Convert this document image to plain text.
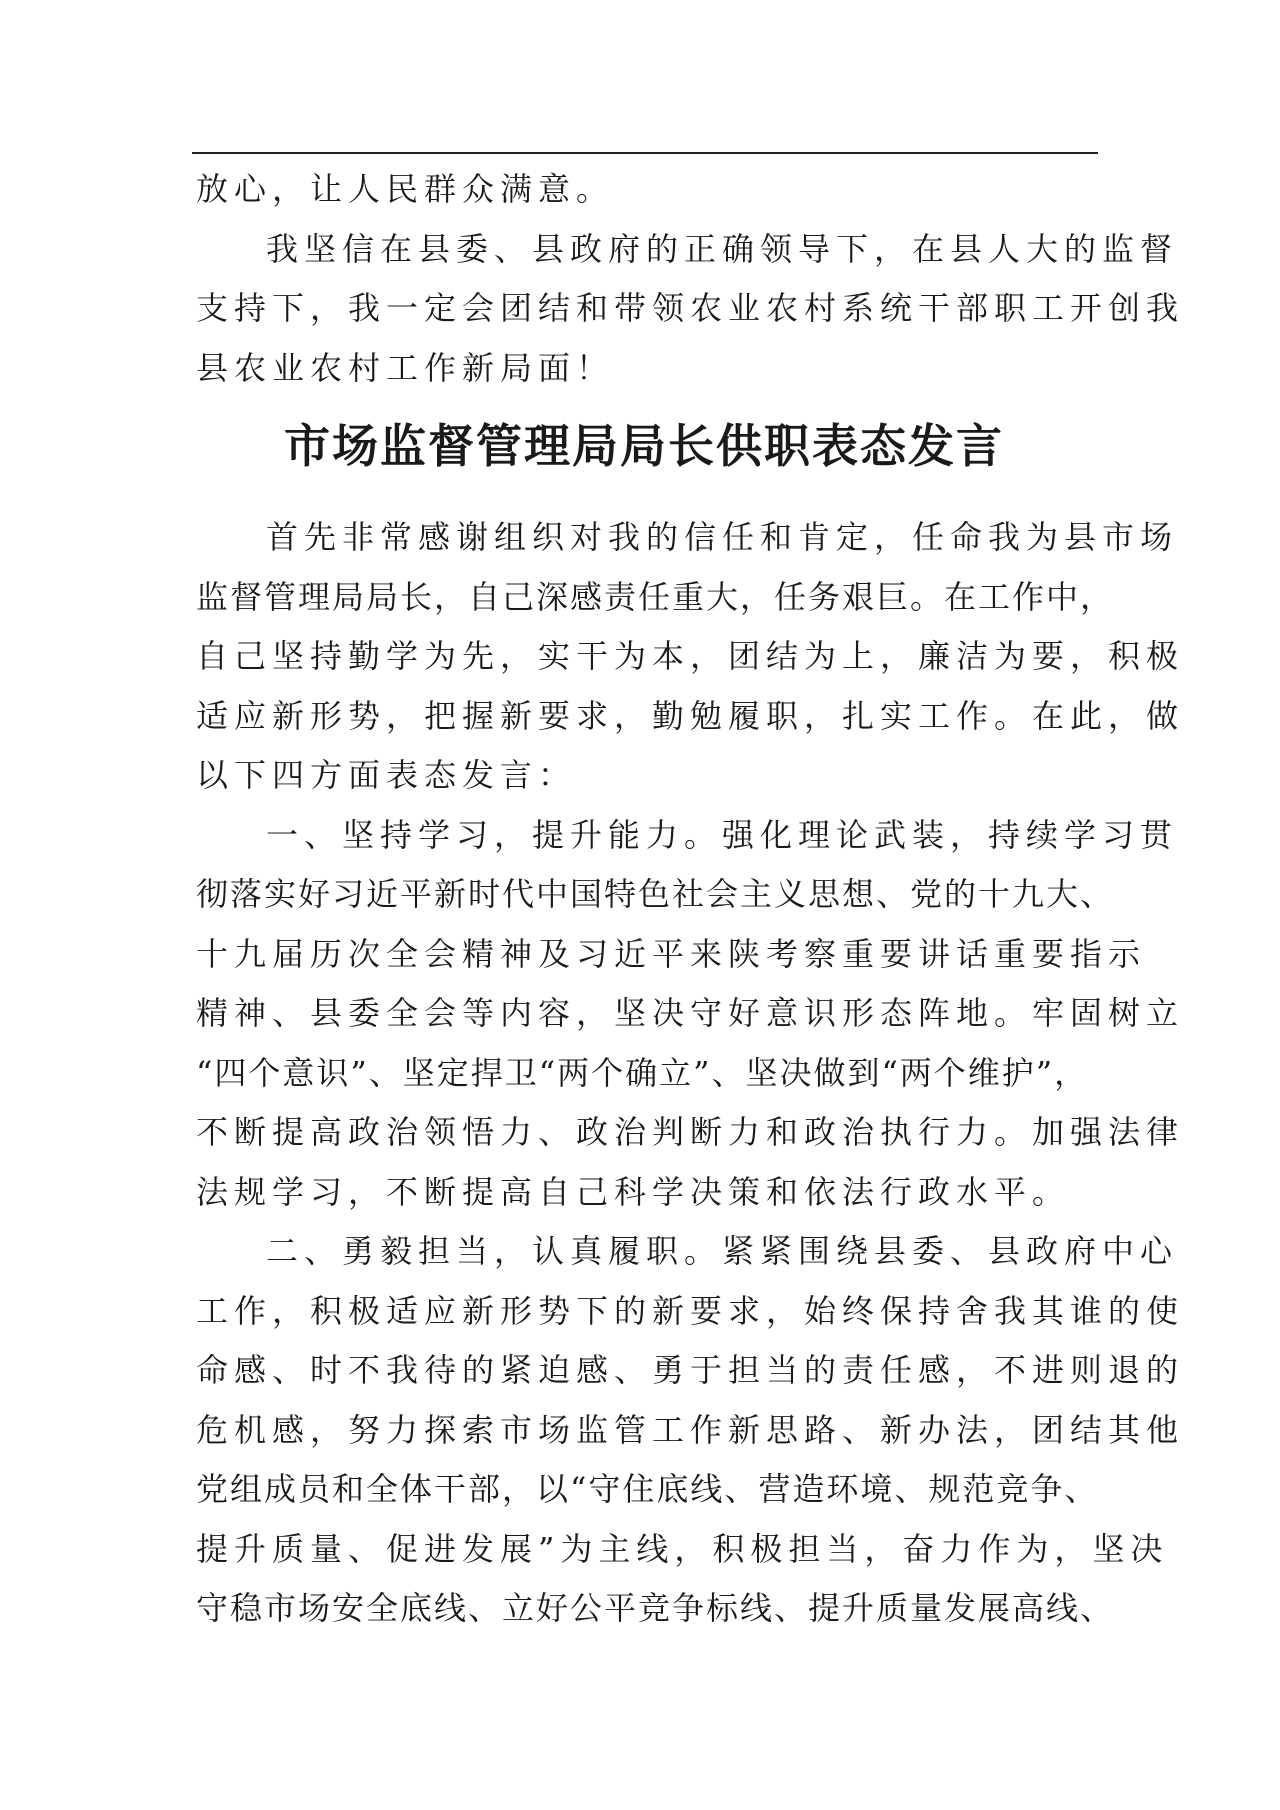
放心，让人民群众满意。
我坚信在县委、县政府的正确领导下，在县人大的监督
支持下，我一定会团结和带领农业农村系统干部职工开创我
县农业农村工作新局面！
市场监督管理局局长供职表态发言
首先非常感谢组织对我的信任和肯定，任命我为县市场
监督管理局局长，自己深感责任重大，任务艰巨。在工作中，
自己坚持勤学为先，实干为本，团结为上，廉洁为要，积极
适应新形势，把握新要求，勤勉履职，扎实工作。在此，做
以下四方面表态发言：
一、坚持学习，提升能力。强化理论武装，持续学习贯
彻落实好习近平新时代中国特色社会主义思想、党的十九大、
十九届历次全会精神及习近平来陕考察重要讲话重要指示
精神、县委全会等内容，坚决守好意识形态阵地。牢固树立
“四个意识”、坚定捍卫“两个确立”、坚决做到“两个维护”，
不断提高政治领悟力、政治判断力和政治执行力。加强法律
法规学习，不断提高自己科学决策和依法行政水平。
二、勇毅担当，认真履职。紧紧围绕县委、县政府中心
工作，积极适应新形势下的新要求，始终保持舍我其谁的使
命感、时不我待的紧迫感、勇于担当的责任感，不进则退的
危机感，努力探索市场监管工作新思路、新办法，团结其他
党组成员和全体干部，以“守住底线、营造环境、规范竞争、
提升质量、促进发展”为主线，积极担当，奋力作为，坚决
守稳市场安全底线、立好公平竞争标线、提升质量发展高线、
